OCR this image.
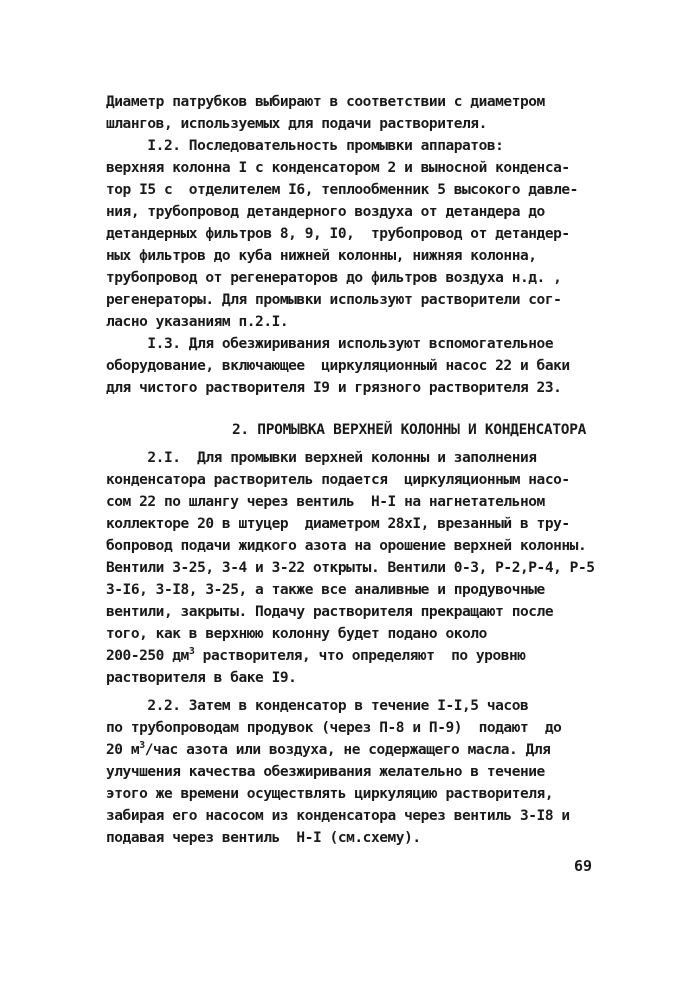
Диаметр патрубков выбирают в соответствии с диаметром
шлангов, используемых для подачи растворителя.
I.2. Последовательность промывки аппаратов:
верхняя колонна I с конденсатором 2 и выносной конденса-
тор I5 с  отделителем I6, теплообменник 5 высокого давле-
ния, трубопровод детандерного воздуха от детандера до
детандерных фильтров 8, 9, I0,  трубопровод от детандер-
ных фильтров до куба нижней колонны, нижняя колонна,
трубопровод от регенераторов до фильтров воздуха н.д. ,
регенераторы. Для промывки используют растворители сог-
ласно указаниям п.2.I.
I.3. Для обезжиривания используют вспомогательное
оборудование, включающее  циркуляционный насос 22 и баки
для чистого растворителя I9 и грязного растворителя 23.
2. ПРОМЫВКА ВЕРХНЕЙ КОЛОННЫ И КОНДЕНСАТОРА
2.I.  Для промывки верхней колонны и заполнения
конденсатора растворитель подается  циркуляционным насо-
сом 22 по шлангу через вентиль  Н-I на нагнетательном
коллекторе 20 в штуцер  диаметром 28xI, врезанный в тру-
бопровод подачи жидкого азота на орошение верхней колонны.
Вентили 3-25, 3-4 и 3-22 открыты. Вентили 0-3, Р-2,Р-4, Р-5
3-I6, 3-I8, 3-25, а также все аналивные и продувочные
вентили, закрыты. Подачу растворителя прекращают после
того, как в верхнюю колонну будет подано около
200-250 $дм^3$ растворителя, что определяют  по уровню
растворителя в баке I9.
2.2. Затем в конденсатор в течение I-I,5 часов
по трубопроводам продувок (через П-8 и П-9)  подают  до
20 $м^3$/час азота или воздуха, не содержащего масла. Для
улучшения качества обезжиривания желательно в течение
этого же времени осуществлять циркуляцию растворителя,
забирая его насосом из конденсатора через вентиль 3-I8 и
подавая через вентиль  Н-I (см.схему).
69
